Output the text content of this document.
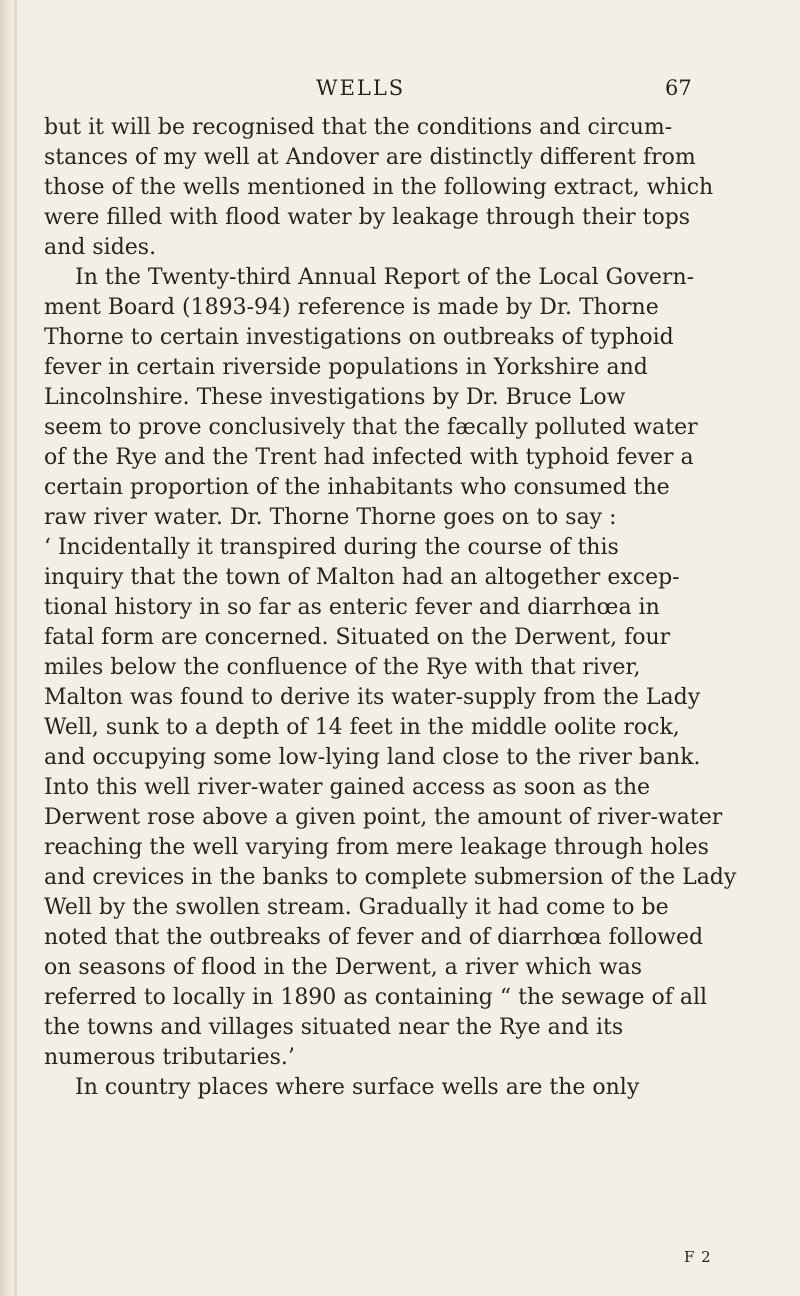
WELLS	67
but it will be recognised that the conditions and circum-
stances of my well at Andover are distinctly different from
those of the wells mentioned in the following extract, which
were filled with flood water by leakage through their tops
and sides.
In the Twenty-third Annual Report of the Local Govern-
ment Board (1893-94) reference is made by Dr. Thorne
Thorne to certain investigations on outbreaks of typhoid
fever in certain riverside populations in Yorkshire and
Lincolnshire. These investigations by Dr. Bruce Low
seem to prove conclusively that the fæcally polluted water
of the Rye and the Trent had infected with typhoid fever a
certain proportion of the inhabitants who consumed the
raw river water. Dr. Thorne Thorne goes on to say :
‘ Incidentally it transpired during the course of this
inquiry that the town of Malton had an altogether excep-
tional history in so far as enteric fever and diarrhœa in
fatal form are concerned. Situated on the Derwent, four
miles below the confluence of the Rye with that river,
Malton was found to derive its water-supply from the Lady
Well, sunk to a depth of 14 feet in the middle oolite rock,
and occupying some low-lying land close to the river bank.
Into this well river-water gained access as soon as the
Derwent rose above a given point, the amount of river-water
reaching the well varying from mere leakage through holes
and crevices in the banks to complete submersion of the Lady
Well by the swollen stream. Gradually it had come to be
noted that the outbreaks of fever and of diarrhœa followed
on seasons of flood in the Derwent, a river which was
referred to locally in 1890 as containing “ the sewage of all
the towns and villages situated near the Rye and its
numerous tributaries.’
In country places where surface wells are the only
F 2
